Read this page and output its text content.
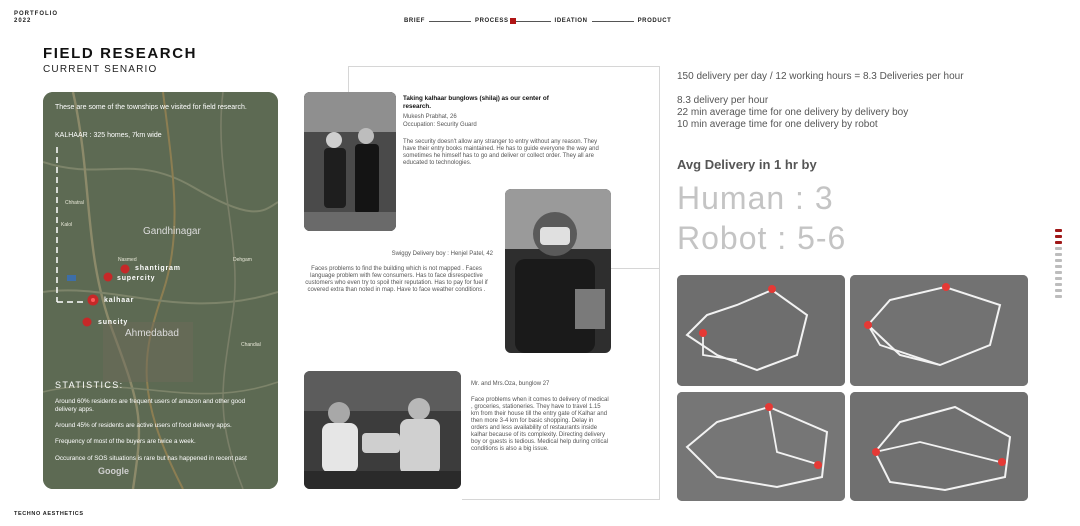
PORTFOLIO
2022	BRIEF	PROCESS	IDEATION	PRODUCT
FIELD RESEARCH
CURRENT SENARIO
TECHNO AESTHETICS
These are some of the townships we visited for field research.
KALHAAR : 325 homes, 7km wide
Chhatral
Kalol
Gandhinagar
Dehgam
Nasmed
Ahmedabad
Chandial
shantigram
supercity
kalhaar
suncity
STATISTICS:
Around 60% residents are frequent users of amazon and other good delivery apps.
Around 45% of residents are active users of food delivery apps.
Frequency of most of the buyers are twice a week.
Occurance of SOS situations is rare but has happened in recent past
Google
Taking kalhaar bunglows (shilaj) as our center of research.
Mukesh Prabhat, 26
Occupation: Security Guard
The security doesn't allow any stranger to entry without any reason. They have their entry books maintained. He has to guide everyone the way and sometimes he himself has to go and deliver or collect order. They all are educated to technologies.
Swiggy Delivery boy : Henjel Patel, 42
Faces problems to find the building which is not mapped . Faces language problem with few consumers. Has to face disrespective customers who even try to spoil their reputation. Has to pay for fuel if covered extra than noted in map. Have to face weather conditions .
Mr. and Mrs.Oza, bunglow 27
Face problems when it comes to delivery of medical , groceries, stationeries. They have to travel 1.15 km from their house till the entry gate of Kalhar and then more 3-4 km for basic shopping. Delay in orders and less availability of restaurants inside kalhar because of its complexity. Directing delivery boy or guests is tedious. Medical help during critical conditions is also a big issue.
150 delivery per day / 12 working hours = 8.3 Deliveries per hour
8.3 delivery per hour
22 min average time for one delivery by delivery boy
10 min average time for one delivery by robot
Avg Delivery in 1 hr by
Human : 3
Robot : 5-6
